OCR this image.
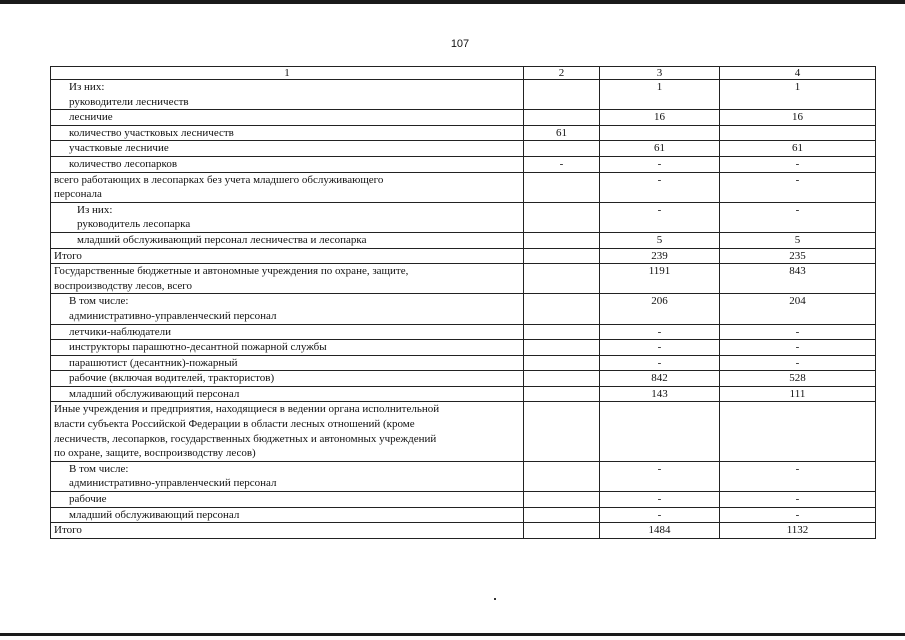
107
1	2	3	4

Из них:
руководители лесничеств		1	1

лесничие		16	16

количество участковых лесничеств	61		

участковые лесничие		61	61

количество лесопарков	-	-	-

всего работающих в лесопарках без учета младшего обслуживающего
персонала		-	-

Из них:
руководитель лесопарка		-	-

младший обслуживающий персонал лесничества и лесопарка		5	5

Итого		239	235

Государственные бюджетные и автономные учреждения по охране, защите,
воспроизводству лесов, всего		1191	843

В том числе:
административно-управленческий персонал		206	204

летчики-наблюдатели		-	-

инструкторы парашютно-десантной пожарной службы		-	-

парашютист (десантник)-пожарный		-	-

рабочие (включая водителей, трактористов)		842	528

младший обслуживающий персонал		143	111

Иные учреждения и предприятия, находящиеся в ведении органа исполнительной
власти субъекта Российской Федерации в области лесных отношений (кроме
лесничеств, лесопарков, государственных бюджетных и автономных учреждений
по охране, защите, воспроизводству лесов)			

В том числе:
административно-управленческий персонал		-	-

рабочие		-	-

младший обслуживающий персонал		-	-

Итого		1484	1132
